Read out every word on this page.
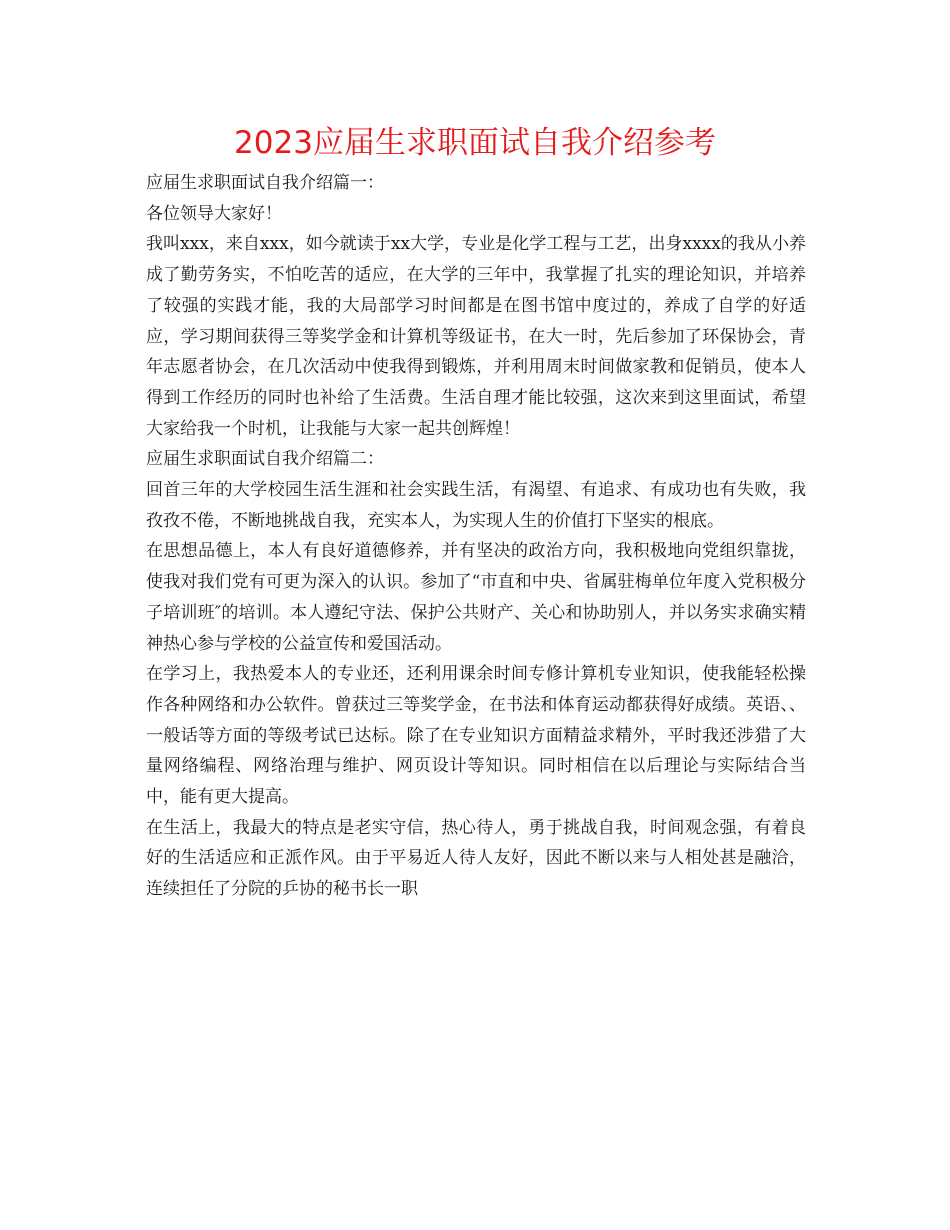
2023应届生求职面试自我介绍参考

应届生求职面试自我介绍篇一：

各位领导大家好！

我叫xxx，来自xxx，如今就读于xx大学，专业是化学工程与工艺，出身xxxx的我从小养成了勤劳务实，不怕吃苦的适应，在大学的三年中，我掌握了扎实的理论知识，并培养了较强的实践才能，我的大局部学习时间都是在图书馆中度过的，养成了自学的好适应，学习期间获得三等奖学金和计算机等级证书，在大一时，先后参加了环保协会，青年志愿者协会，在几次活动中使我得到锻炼，并利用周末时间做家教和促销员，使本人得到工作经历的同时也补给了生活费。生活自理才能比较强，这次来到这里面试，希望大家给我一个时机，让我能与大家一起共创辉煌！

应届生求职面试自我介绍篇二：

回首三年的大学校园生活生涯和社会实践生活，有渴望、有追求、有成功也有失败，我孜孜不倦，不断地挑战自我，充实本人，为实现人生的价值打下坚实的根底。

在思想品德上，本人有良好道德修养，并有坚决的政治方向，我积极地向党组织靠拢，使我对我们党有可更为深入的认识。参加了“市直和中央、省属驻梅单位年度入党积极分子培训班″的培训。本人遵纪守法、保护公共财产、关心和协助别人，并以务实求确实精神热心参与学校的公益宣传和爱国活动。

在学习上，我热爱本人的专业还，还利用课余时间专修计算机专业知识，使我能轻松操作各种网络和办公软件。曾获过三等奖学金，在书法和体育运动都获得好成绩。英语、、一般话等方面的等级考试已达标。除了在专业知识方面精益求精外，平时我还涉猎了大量网络编程、网络治理与维护、网页设计等知识。同时相信在以后理论与实际结合当中，能有更大提高。

在生活上，我最大的特点是老实守信，热心待人，勇于挑战自我，时间观念强，有着良好的生活适应和正派作风。由于平易近人待人友好，因此不断以来与人相处甚是融洽，连续担任了分院的乒协的秘书长一职
